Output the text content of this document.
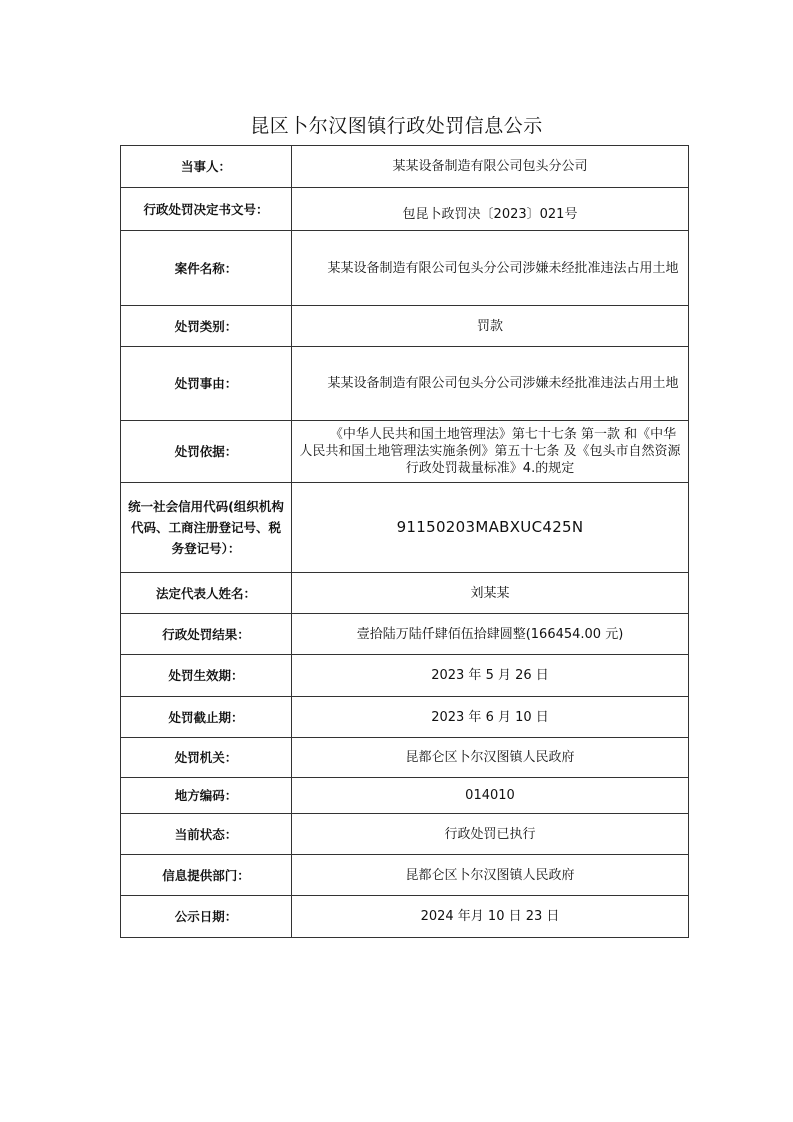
昆区卜尔汉图镇行政处罚信息公示
当事人：	某某设备制造有限公司包头分公司
行政处罚决定书文号：	包昆卜政罚决〔2023〕021号
案件名称：	某某设备制造有限公司包头分公司涉嫌未经批准违法占用土地
处罚类别：	罚款
处罚事由：	某某设备制造有限公司包头分公司涉嫌未经批准违法占用土地
处罚依据：	《中华人民共和国土地管理法》第七十七条 第一款 和《中华人民共和国土地管理法实施条例》第五十七条 及《包头市自然资源行政处罚裁量标准》4.的规定
统一社会信用代码(组织机构代码、工商注册登记号、税务登记号）：	91150203MABXUC425N
法定代表人姓名：	刘某某
行政处罚结果：	壹拾陆万陆仟肆佰伍拾肆圆整(166454.00 元)
处罚生效期：	2023 年 5 月 26 日
处罚截止期：	2023 年 6 月 10 日
处罚机关：	昆都仑区卜尔汉图镇人民政府
地方编码：	014010
当前状态：	行政处罚已执行
信息提供部门：	昆都仑区卜尔汉图镇人民政府
公示日期：	2024 年月 10 日 23 日
